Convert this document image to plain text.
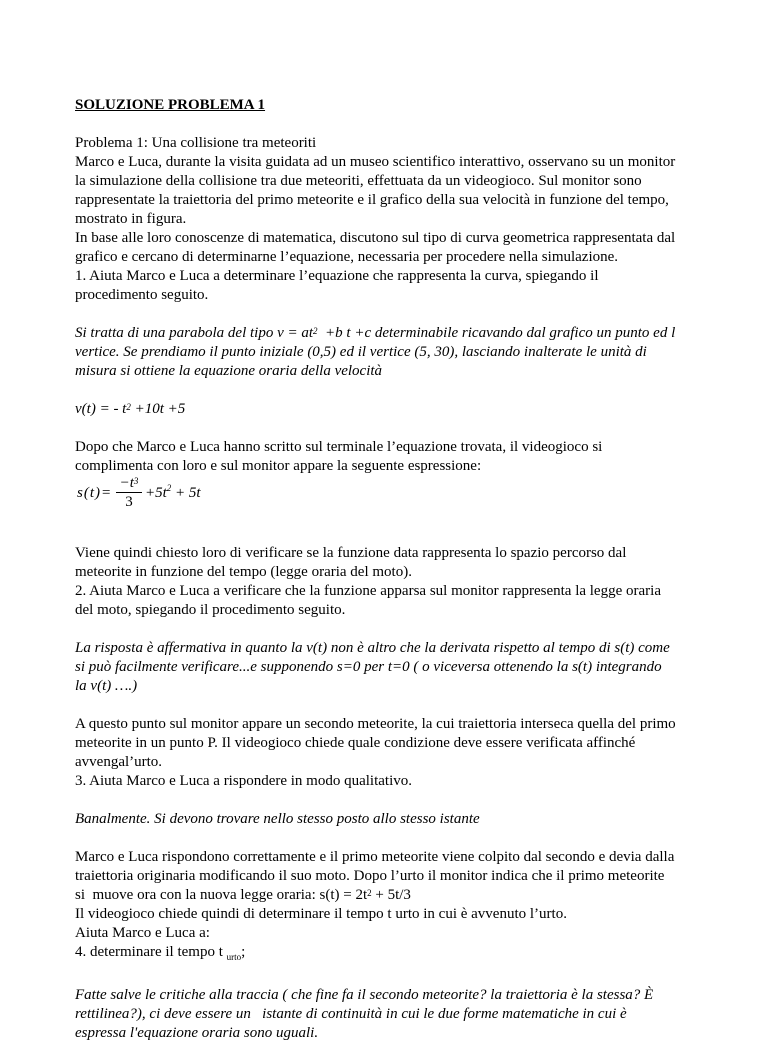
SOLUZIONE PROBLEMA 1
Problema 1: Una collisione tra meteoriti
Marco e Luca, durante la visita guidata ad un museo scientifico interattivo, osservano su un monitor
la simulazione della collisione tra due meteoriti, effettuata da un videogioco. Sul monitor sono
rappresentate la traiettoria del primo meteorite e il grafico della sua velocità in funzione del tempo,
mostrato in figura.
In base alle loro conoscenze di matematica, discutono sul tipo di curva geometrica rappresentata dal
grafico e cercano di determinarne l’equazione, necessaria per procedere nella simulazione.
1. Aiuta Marco e Luca a determinare l’equazione che rappresenta la curva, spiegando il
procedimento seguito.
Si tratta di una parabola del tipo $v = at^2 +b$ t +c determinabile ricavando dal grafico un punto ed l
vertice. Se prendiamo il punto iniziale (0,5) ed il vertice (5, 30), lasciando inalterate le unità di
misura si ottiene la equazione oraria della velocità
v(t) = - $t^2 +10t +5$
Dopo che Marco e Luca hanno scritto sul terminale l’equazione trovata, il videogioco si
complimenta con loro e sul monitor appare la seguente espressione:
s(t)=
$-t^3$
3
$+5t^2 + 5t$
Viene quindi chiesto loro di verificare se la funzione data rappresenta lo spazio percorso dal
meteorite in funzione del tempo (legge oraria del moto).
2. Aiuta Marco e Luca a verificare che la funzione apparsa sul monitor rappresenta la legge oraria
del moto, spiegando il procedimento seguito.
La risposta è affermativa in quanto la v(t) non è altro che la derivata rispetto al tempo di s(t) come
si può facilmente verificare...e supponendo s=0 per t=0 ( o viceversa ottenendo la s(t) integrando
la v(t) ….)
A questo punto sul monitor appare un secondo meteorite, la cui traiettoria interseca quella del primo
meteorite in un punto P. Il videogioco chiede quale condizione deve essere verificata affinché
avvengal’urto.
3. Aiuta Marco e Luca a rispondere in modo qualitativo.
Banalmente. Si devono trovare nello stesso posto allo stesso istante
Marco e Luca rispondono correttamente e il primo meteorite viene colpito dal secondo e devia dalla
traiettoria originaria modificando il suo moto. Dopo l’urto il monitor indica che il primo meteorite
si  muove ora con la nuova legge oraria: $s(t) = 2t^2 + 5t/3$
Il videogioco chiede quindi di determinare il tempo t urto in cui è avvenuto l’urto.
Aiuta Marco e Luca a:
4. determinare il tempo t $_{urto}$;
Fatte salve le critiche alla traccia ( che fine fa il secondo meteorite? la traiettoria è la stessa? È
rettilinea?), ci deve essere un   istante di continuità in cui le due forme matematiche in cui è
espressa l'equazione oraria sono uguali.
